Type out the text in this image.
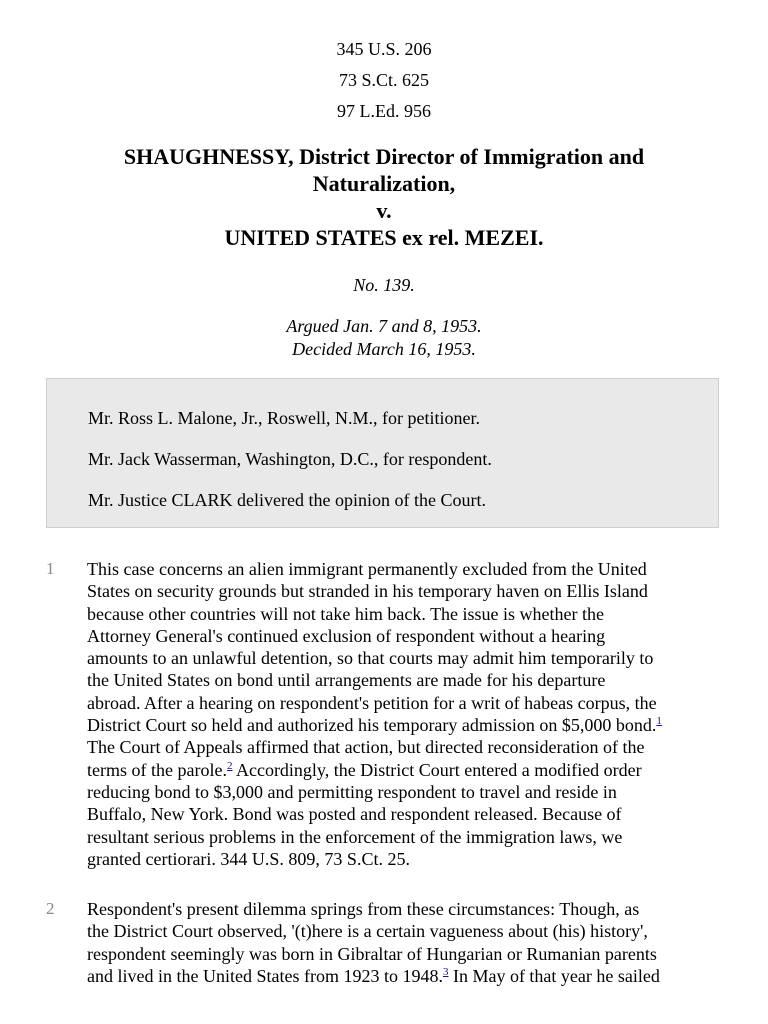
345 U.S. 206
73 S.Ct. 625
97 L.Ed. 956
SHAUGHNESSY, District Director of Immigration and
Naturalization,
v.
UNITED STATES ex rel. MEZEI.
No. 139.
Argued Jan. 7 and 8, 1953.
Decided March 16, 1953.
Mr. Ross L. Malone, Jr., Roswell, N.M., for petitioner.
Mr. Jack Wasserman, Washington, D.C., for respondent.
Mr. Justice CLARK delivered the opinion of the Court.
1 This case concerns an alien immigrant permanently excluded from the United
States on security grounds but stranded in his temporary haven on Ellis Island
because other countries will not take him back. The issue is whether the
Attorney General's continued exclusion of respondent without a hearing
amounts to an unlawful detention, so that courts may admit him temporarily to
the United States on bond until arrangements are made for his departure
abroad. After a hearing on respondent's petition for a writ of habeas corpus, the
District Court so held and authorized his temporary admission on $5,000 bond.$^1$
The Court of Appeals affirmed that action, but directed reconsideration of the
terms of the parole.$^2$ Accordingly, the District Court entered a modified order
reducing bond to $3,000 and permitting respondent to travel and reside in
Buffalo, New York. Bond was posted and respondent released. Because of
resultant serious problems in the enforcement of the immigration laws, we
granted certiorari. 344 U.S. 809, 73 S.Ct. 25.
2 Respondent's present dilemma springs from these circumstances: Though, as
the District Court observed, '(t)here is a certain vagueness about (his) history',
respondent seemingly was born in Gibraltar of Hungarian or Rumanian parents
and lived in the United States from 1923 to 1948.$^3$ In May of that year he sailed
